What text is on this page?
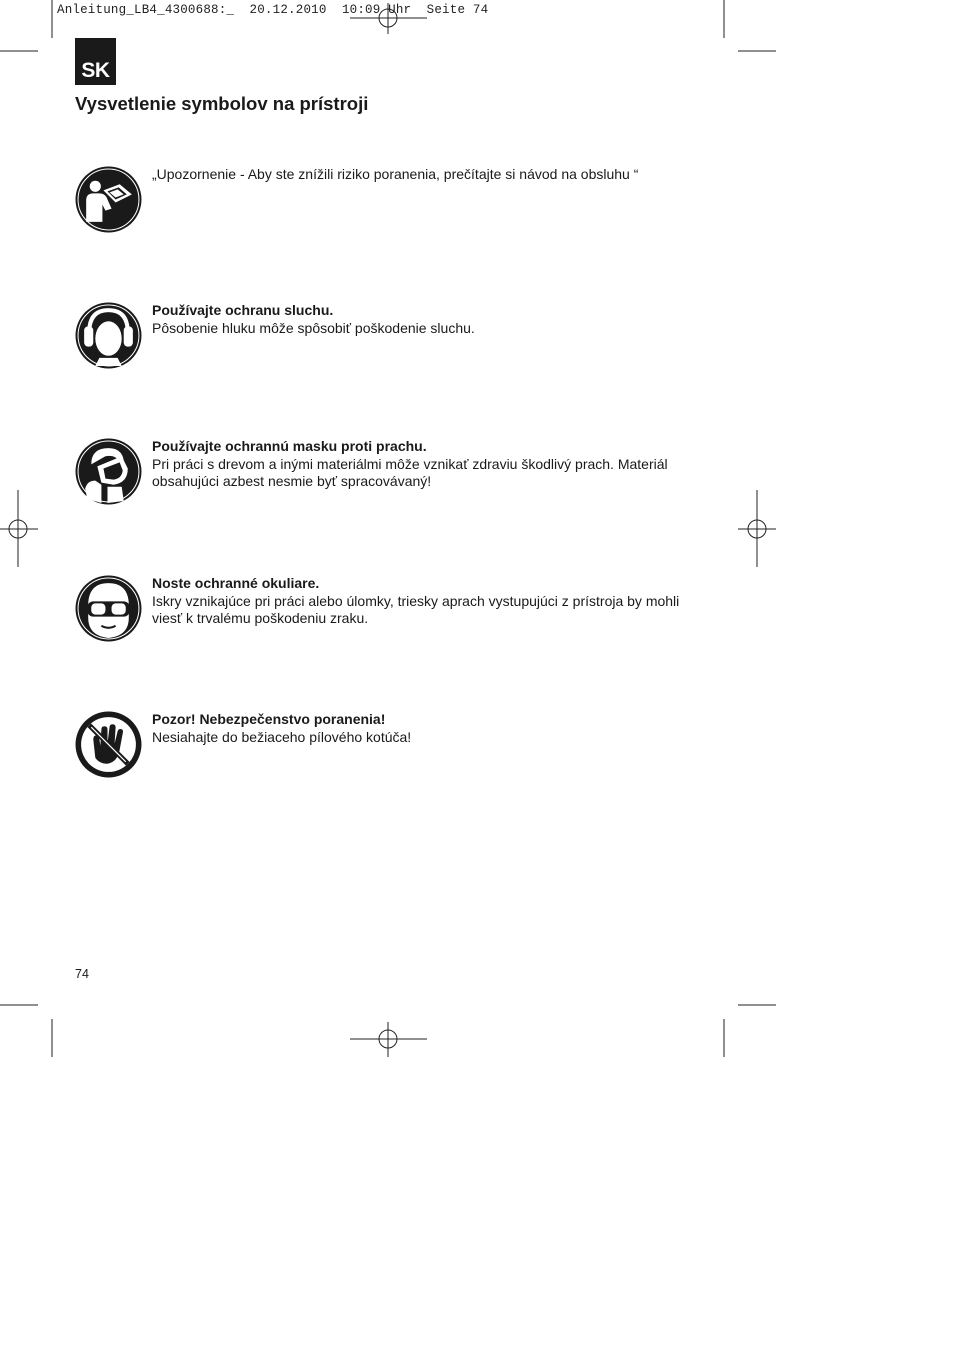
Anleitung_LB4_4300688:_  20.12.2010  10:09 Uhr  Seite 74
SK
Vysvetlenie symbolov na prístroji
„Upozornenie - Aby ste znížili riziko poranenia, prečítajte si návod na obsluhu “
Používajte ochranu sluchu.
Pôsobenie hluku môže spôsobiť poškodenie sluchu.
Používajte ochrannú masku proti prachu.
Pri práci s drevom a inými materiálmi môže vznikať zdraviu škodlivý prach. Materiál obsahujúci azbest nesmie byť spracovávaný!
Noste ochranné okuliare.
Iskry vznikajúce pri práci alebo úlomky, triesky aprach vystupujúci z prístroja by mohli viesť k trvalému poškodeniu zraku.
Pozor! Nebezpečenstvo poranenia!
Nesiahajte do bežiaceho pílového kotúča!
74
